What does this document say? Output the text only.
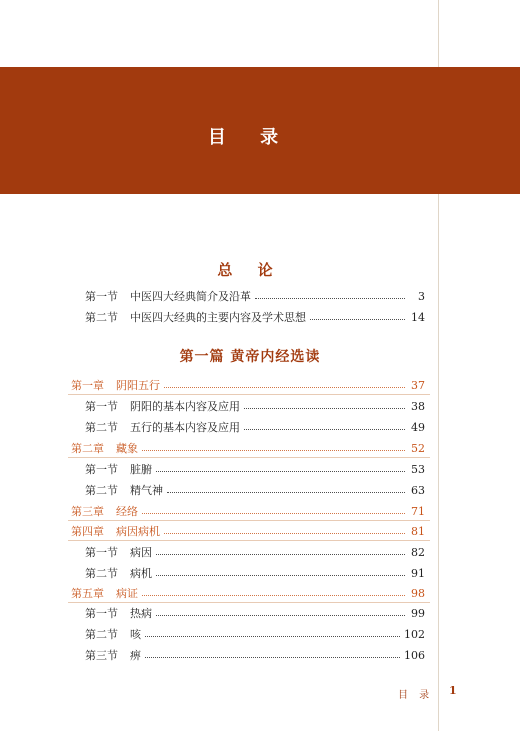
目 录
总 论
第一节 中医四大经典简介及沿革	3
第二节 中医四大经典的主要内容及学术思想	14
第一篇 黄帝内经选读
第一章 阴阳五行	37
第一节 阴阳的基本内容及应用	38
第二节 五行的基本内容及应用	49
第二章 藏象	52
第一节 脏腑	53
第二节 精气神	63
第三章 经络	71
第四章 病因病机	81
第一节 病因	82
第二节 病机	91
第五章 病证	98
第一节 热病	99
第二节 咳	102
第三节 痹	106
目 录 1
